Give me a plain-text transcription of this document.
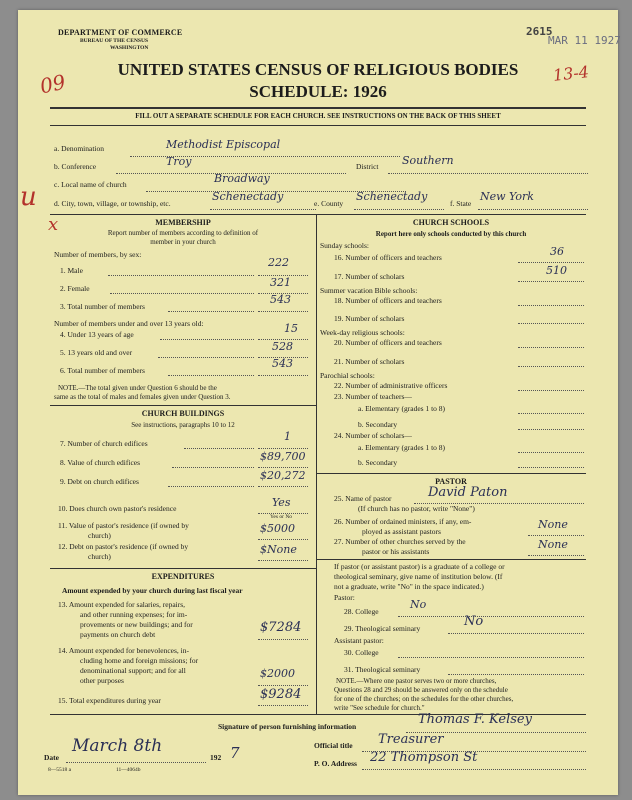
DEPARTMENT OF COMMERCE
BUREAU OF THE CENSUS
WASHINGTON
2615
MAR 11 1927
09	13-4
UNITED STATES CENSUS OF RELIGIOUS BODIES
SCHEDULE: 1926
FILL OUT A SEPARATE SCHEDULE FOR EACH CHURCH. SEE INSTRUCTIONS ON THE BACK OF THIS SHEET
u
a. Denomination	Methodist Episcopal
b. Conference	Troy	District Southern
c. Local name of church	Broadway
d. City, town, village, or township, etc.
Schenectady
e. County
Schenectady
f. State
New York
x	MEMBERSHIP
Report number of members according to definition of
member in your church
Number of members, by sex:
1. Male
222
2. Female	321
3. Total number of members
543
Number of members under and over 13 years old:
4. Under 13 years of age	15
5. 13 years old and over	528
6. Total number of members
543
NOTE.—The total given under Question 6 should be the
same as the total of males and females given under Question 3.
CHURCH BUILDINGS
See instructions, paragraphs 10 to 12
7. Number of church edifices
1
8. Value of church edifices	$89,700
9. Debt on church edifices	$20,272
10. Does church own pastor's residence	Yes
Yes or No
11. Value of pastor's residence (if owned by
church)
$5000
12. Debt on pastor's residence (if owned by
church)
$None
EXPENDITURES
Amount expended by your church during last fiscal year
13. Amount expended for salaries, repairs,
and other running expenses; for im-
provements or new buildings; and for
payments on church debt	$7284
14. Amount expended for benevolences, in-
cluding home and foreign missions; for
denominational support; and for all
other purposes
$2000
15. Total expenditures during year	$9284
CHURCH SCHOOLS
Report here only schools conducted by this church
Sunday schools:
16. Number of officers and teachers	36
17. Number of scholars	510
Summer vacation Bible schools:
18. Number of officers and teachers
19. Number of scholars
Week-day religious schools:
20. Number of officers and teachers
21. Number of scholars
Parochial schools:
22. Number of administrative officers
23. Number of teachers—
a. Elementary (grades 1 to 8)
b. Secondary
24. Number of scholars—
a. Elementary (grades 1 to 8)
b. Secondary
PASTOR
25. Name of pastor	David Paton
(If church has no pastor, write "None")
26. Number of ordained ministers, if any, em-
ployed as assistant pastors
None
27. Number of other churches served by the
pastor or his assistants
None
If pastor (or assistant pastor) is a graduate of a college or
theological seminary, give name of institution below. (If
not a graduate, write "No" in the space indicated.)
Pastor:
28. College
No
29. Theological seminary	No
Assistant pastor:
30. College
31. Theological seminary
NOTE.—Where one pastor serves two or more churches,
Questions 28 and 29 should be answered only on the schedule
for one of the churches; on the schedules for the other churches,
write "See schedule for church."
Signature of person furnishing information	Thomas F. Kelsey
Official title Treasurer
P. O. Address 22 Thompson St
Date
March 8th
192 7
8—5518 a	11—4064b
